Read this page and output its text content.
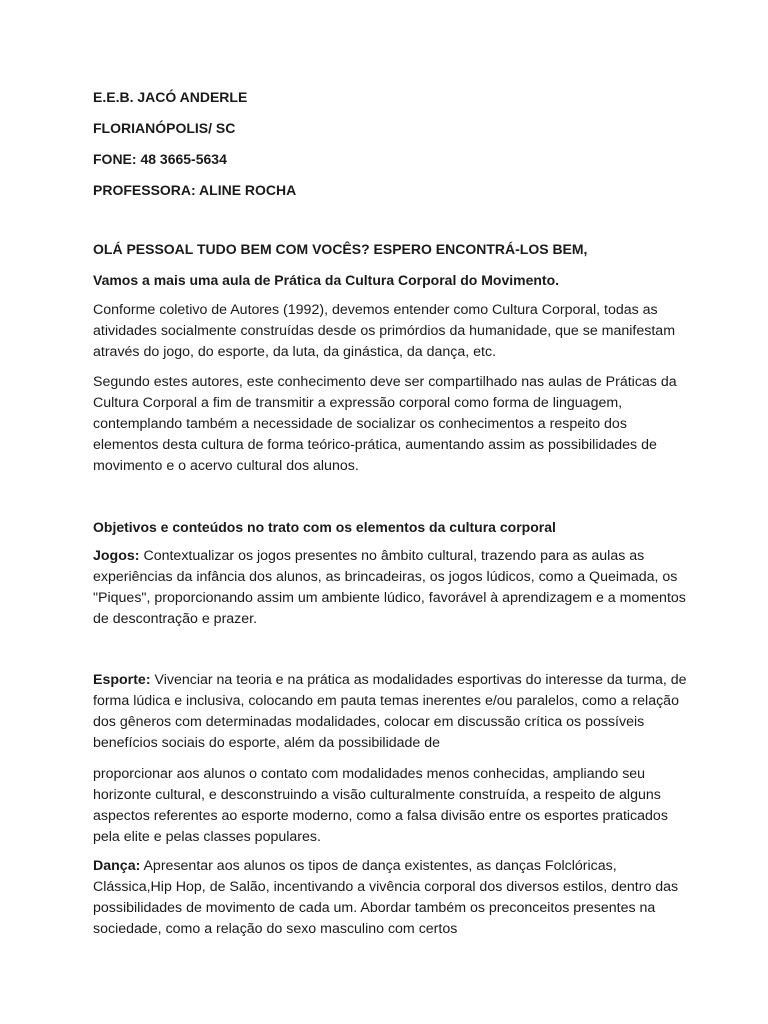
E.E.B. JACÓ ANDERLE

FLORIANÓPOLIS/ SC

FONE: 48 3665-5634

PROFESSORA: ALINE ROCHA

OLÁ PESSOAL TUDO BEM COM VOCÊS? ESPERO ENCONTRÁ-LOS BEM,

Vamos a mais uma aula de Prática da Cultura Corporal do Movimento.

Conforme coletivo de Autores (1992), devemos entender como Cultura Corporal, todas as atividades socialmente construídas desde os primórdios da humanidade, que se manifestam através do jogo, do esporte, da luta, da ginástica, da dança, etc.

Segundo estes autores, este conhecimento deve ser compartilhado nas aulas de Práticas da Cultura Corporal a fim de transmitir a expressão corporal como forma de linguagem, contemplando também a necessidade de socializar os conhecimentos a respeito dos elementos desta cultura de forma teórico-prática, aumentando assim as possibilidades de movimento e o acervo cultural dos alunos.

Objetivos e conteúdos no trato com os elementos da cultura corporal

Jogos: Contextualizar os jogos presentes no âmbito cultural, trazendo para as aulas as experiências da infância dos alunos, as brincadeiras, os jogos lúdicos, como a Queimada, os "Piques", proporcionando assim um ambiente lúdico, favorável à aprendizagem e a momentos de descontração e prazer.

Esporte: Vivenciar na teoria e na prática as modalidades esportivas do interesse da turma, de forma lúdica e inclusiva, colocando em pauta temas inerentes e/ou paralelos, como a relação dos gêneros com determinadas modalidades, colocar em discussão crítica os possíveis benefícios sociais do esporte, além da possibilidade de

proporcionar aos alunos o contato com modalidades menos conhecidas, ampliando seu horizonte cultural, e desconstruindo a visão culturalmente construída, a respeito de alguns aspectos referentes ao esporte moderno, como a falsa divisão entre os esportes praticados pela elite e pelas classes populares.

Dança: Apresentar aos alunos os tipos de dança existentes, as danças Folclóricas, Clássica,Hip Hop, de Salão, incentivando a vivência corporal dos diversos estilos, dentro das possibilidades de movimento de cada um. Abordar também os preconceitos presentes na sociedade, como a relação do sexo masculino com certos
